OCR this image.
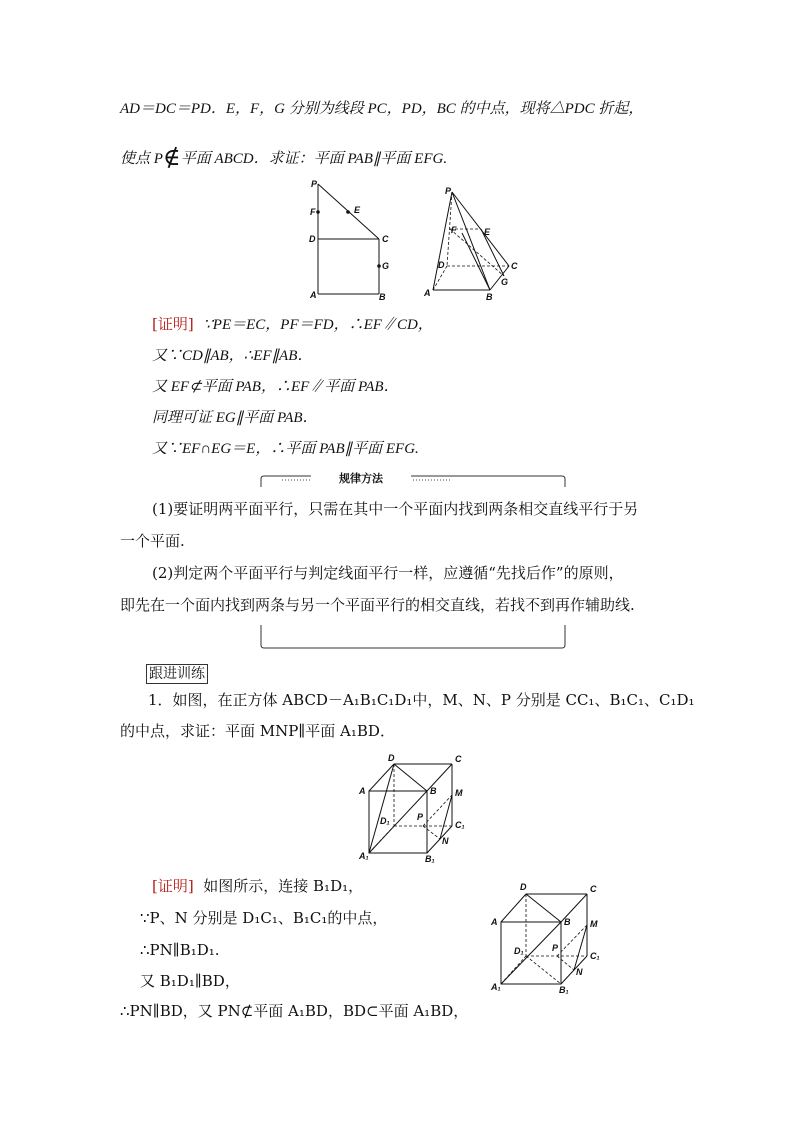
AD＝DC＝PD．E，F，G 分别为线段 PC，PD，BC 的中点，现将△PDC 折起，
使点 P∉平面 ABCD．求证：平面 PAB∥平面 EFG.
P
F	E
D	C
G
A	B
P
F	E
D	C
G
A	B
[证明] ∵PE＝EC，PF＝FD，∴EF∥CD，
又∵CD∥AB，∴EF∥AB．
又 EF⊄平面 PAB，∴EF∥平面 PAB．
同理可证 EG∥平面 PAB．
又∵EF∩EG＝E，∴平面 PAB∥平面 EFG.
规律方法
(1)要证明两平面平行，只需在其中一个平面内找到两条相交直线平行于另
一个平面.
(2)判定两个平面平行与判定线面平行一样，应遵循“先找后作”的原则，
即先在一个面内找到两条与另一个平面平行的相交直线，若找不到再作辅助线.
跟进训练
1．如图，在正方体 ABCD－A₁B₁C₁D₁中，M、N、P 分别是 CC₁、B₁C₁、C₁D₁
的中点，求证：平面 MNP∥平面 A₁BD．
D	C
A	B M
D₁	P
C₁
N
A₁	B₁
[证明] 如图所示，连接 B₁D₁，
∵P、N 分别是 D₁C₁、B₁C₁的中点，
∴PN∥B₁D₁.
又 B₁D₁∥BD，
∴PN∥BD，又 PN⊄平面 A₁BD，BD⊂平面 A₁BD，
D	C
A	B M
D₁	P
C₁
N
A₁	B₁
